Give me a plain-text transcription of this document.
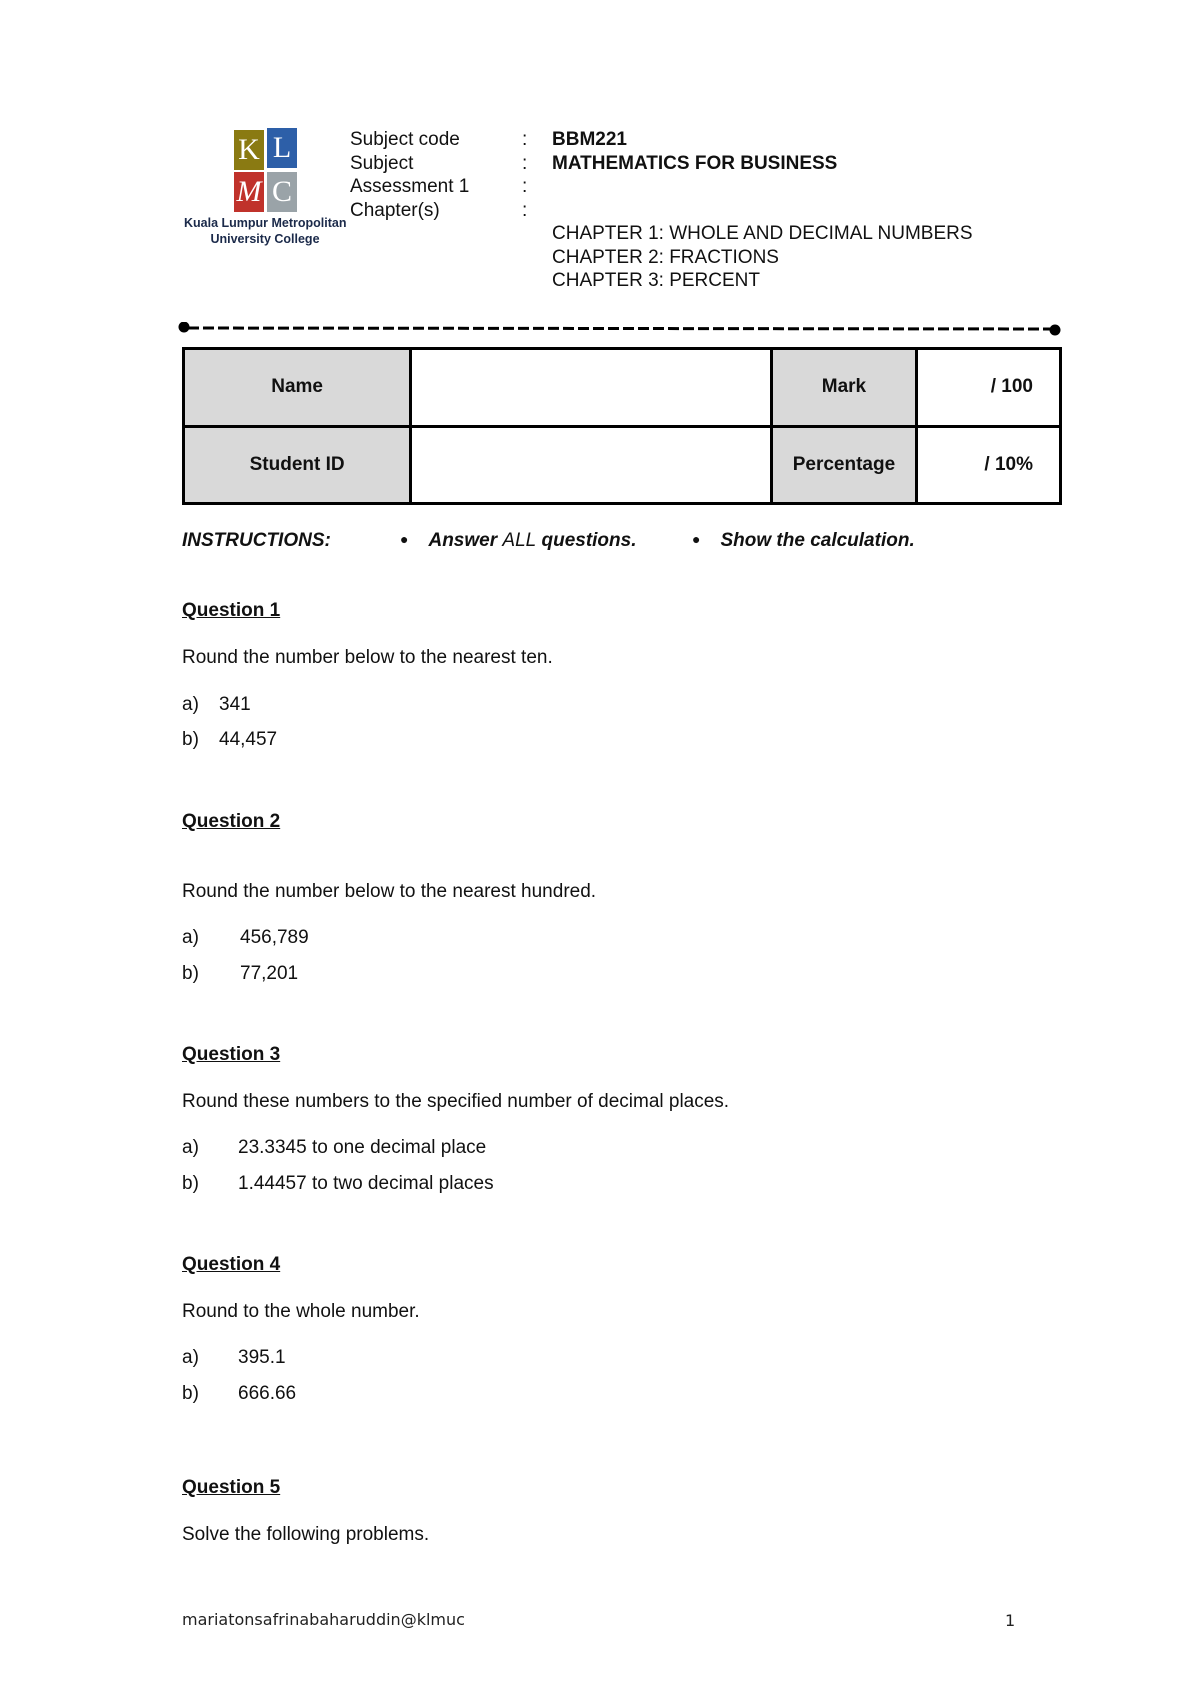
K L
M C
Kuala Lumpur Metropolitan
University College
Subject code	: BBM221
Subject	: MATHEMATICS FOR BUSINESS
Assessment 1	:
Chapter(s)	:
CHAPTER 1: WHOLE AND DECIMAL NUMBERS
CHAPTER 2: FRACTIONS
CHAPTER 3: PERCENT
Name		Mark	/ 100
Student ID		Percentage	/ 10%
INSTRUCTIONS:	● Answer ALL questions.	● Show the calculation.
Question 1
Round the number below to the nearest ten.
a) 341
b) 44,457
Question 2
Round the number below to the nearest hundred.
a) 456,789
b) 77,201
Question 3
Round these numbers to the specified number of decimal places.
a) 23.3345 to one decimal place
b) 1.44457 to two decimal places
Question 4
Round to the whole number.
a) 395.1
b) 666.66
Question 5
Solve the following problems.
mariatonsafrinabaharuddin@klmuc	1
